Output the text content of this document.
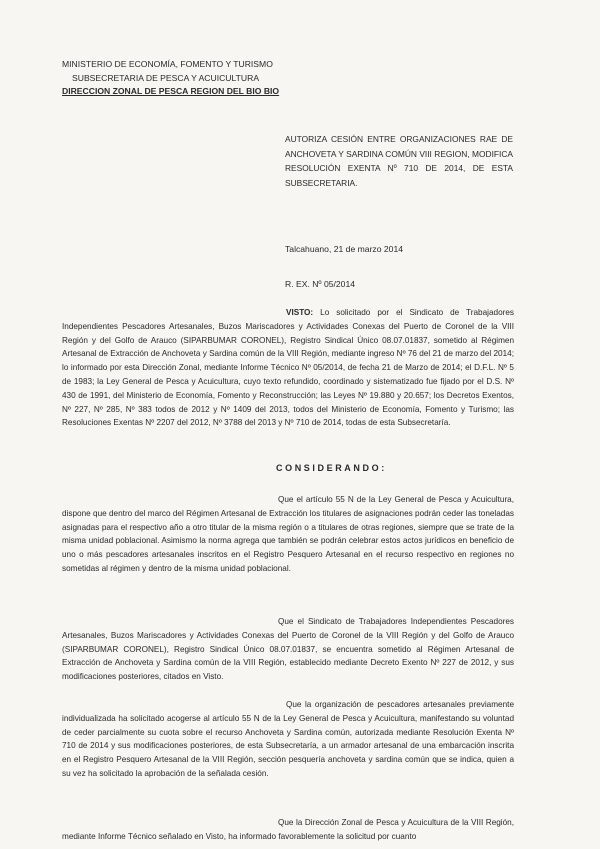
MINISTERIO DE ECONOMÍA, FOMENTO Y TURISMO
SUBSECRETARIA DE PESCA Y ACUICULTURA
DIRECCION ZONAL DE PESCA REGION DEL BIO BIO
AUTORIZA CESIÓN ENTRE ORGANIZACIONES RAE DE ANCHOVETA Y SARDINA COMÚN VIII REGION, MODIFICA RESOLUCIÓN EXENTA Nº 710 DE 2014, DE ESTA SUBSECRETARIA.
Talcahuano, 21 de marzo 2014
R. EX. Nº 05/2014
VISTO: Lo solicitado por el Sindicato de Trabajadores Independientes Pescadores Artesanales, Buzos Mariscadores y Actividades Conexas del Puerto de Coronel de la VIII Región y del Golfo de Arauco (SIPARBUMAR CORONEL), Registro Sindical Único 08.07.01837, sometido al Régimen Artesanal de Extracción de Anchoveta y Sardina común de la VIII Región, mediante ingreso Nº 76 del 21 de marzo del 2014; lo informado por esta Dirección Zonal, mediante Informe Técnico Nº 05/2014, de fecha 21 de Marzo de 2014; el D.F.L. Nº 5 de 1983; la Ley General de Pesca y Acuicultura, cuyo texto refundido, coordinado y sistematizado fue fijado por el D.S. Nº 430 de 1991, del Ministerio de Economía, Fomento y Reconstrucción; las Leyes Nº 19.880 y 20.657; los Decretos Exentos, Nº 227, Nº 285, Nº 383 todos de 2012 y Nº 1409 del 2013, todos del Ministerio de Economía, Fomento y Turismo; las Resoluciones Exentas Nº 2207 del 2012, Nº 3788 del 2013 y Nº 710 de 2014, todas de esta Subsecretaría.
CONSIDERANDO:
Que el artículo 55 N de la Ley General de Pesca y Acuicultura, dispone que dentro del marco del Régimen Artesanal de Extracción los titulares de asignaciones podrán ceder las toneladas asignadas para el respectivo año a otro titular de la misma región o a titulares de otras regiones, siempre que se trate de la misma unidad poblacional. Asimismo la norma agrega que también se podrán celebrar estos actos jurídicos en beneficio de uno o más pescadores artesanales inscritos en el Registro Pesquero Artesanal en el recurso respectivo en regiones no sometidas al régimen y dentro de la misma unidad poblacional.
Que el Sindicato de Trabajadores Independientes Pescadores Artesanales, Buzos Mariscadores y Actividades Conexas del Puerto de Coronel de la VIII Región y del Golfo de Arauco (SIPARBUMAR CORONEL), Registro Sindical Único 08.07.01837, se encuentra sometido al Régimen Artesanal de Extracción de Anchoveta y Sardina común de la VIII Región, establecido mediante Decreto Exento Nº 227 de 2012, y sus modificaciones posteriores, citados en Visto.
Que la organización de pescadores artesanales previamente individualizada ha solicitado acogerse al artículo 55 N de la Ley General de Pesca y Acuicultura, manifestando su voluntad de ceder parcialmente su cuota sobre el recurso Anchoveta y Sardina común, autorizada mediante Resolución Exenta Nº 710 de 2014 y sus modificaciones posteriores, de esta Subsecretaría, a un armador artesanal de una embarcación inscrita en el Registro Pesquero Artesanal de la VIII Región, sección pesquería anchoveta y sardina común que se indica, quien a su vez ha solicitado la aprobación de la señalada cesión.
Que la Dirección Zonal de Pesca y Acuicultura de la VIII Región, mediante Informe Técnico señalado en Visto, ha informado favorablemente la solicitud por cuanto
